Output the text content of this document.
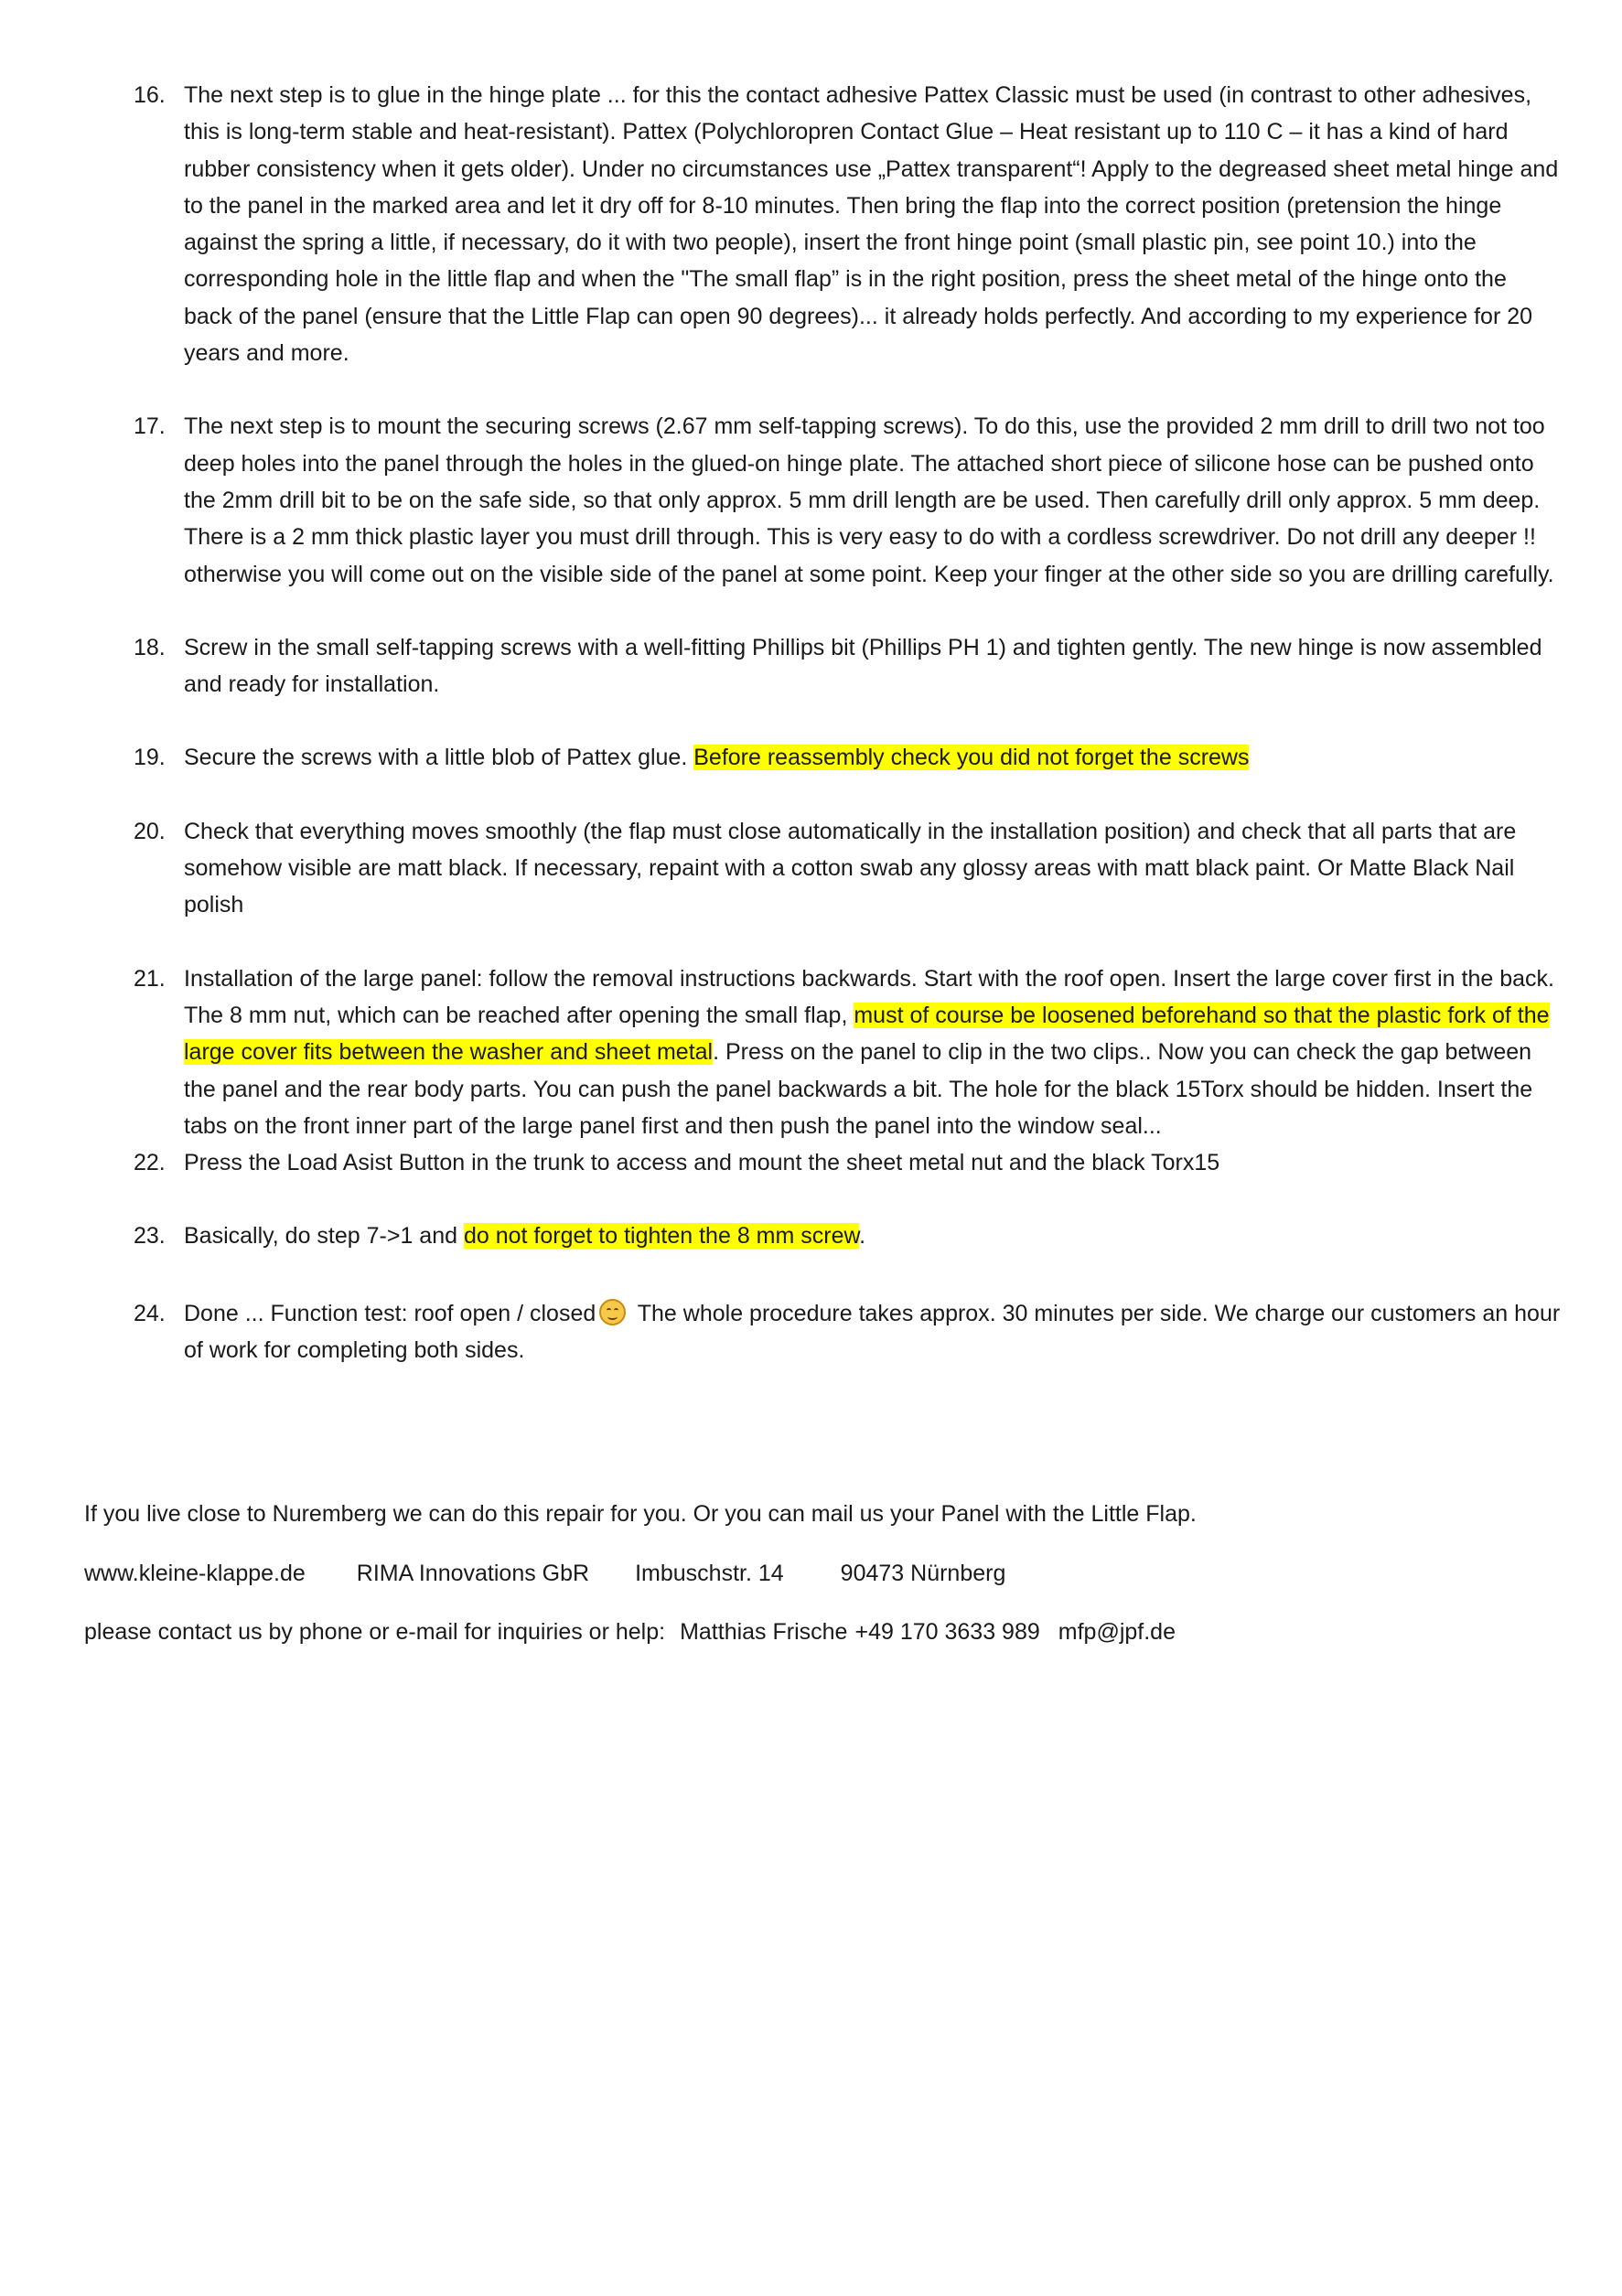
16. The next step is to glue in the hinge plate ... for this the contact adhesive Pattex Classic must be used (in contrast to other adhesives, this is long-term stable and heat-resistant). Pattex (Polychloropren Contact Glue – Heat resistant up to 110 C – it has a kind of hard rubber consistency when it gets older). Under no circumstances use „Pattex transparent“! Apply to the degreased sheet metal hinge and to the panel in the marked area and let it dry off for 8-10 minutes. Then bring the flap into the correct position (pretension the hinge against the spring a little, if necessary, do it with two people), insert the front hinge point (small plastic pin, see point 10.) into the corresponding hole in the little flap and when the "The small flap” is in the right position, press the sheet metal of the hinge onto the back of the panel (ensure that the Little Flap can open 90 degrees)... it already holds perfectly. And according to my experience for 20 years and more.
17. The next step is to mount the securing screws (2.67 mm self-tapping screws). To do this, use the provided 2 mm drill to drill two not too deep holes into the panel through the holes in the glued-on hinge plate. The attached short piece of silicone hose can be pushed onto the 2mm drill bit to be on the safe side, so that only approx. 5 mm drill length are be used. Then carefully drill only approx. 5 mm deep. There is a 2 mm thick plastic layer you must drill through. This is very easy to do with a cordless screwdriver. Do not drill any deeper !! otherwise you will come out on the visible side of the panel at some point. Keep your finger at the other side so you are drilling carefully.
18. Screw in the small self-tapping screws with a well-fitting Phillips bit (Phillips PH 1) and tighten gently. The new hinge is now assembled and ready for installation.
19. Secure the screws with a little blob of Pattex glue. Before reassembly check you did not forget the screws
20. Check that everything moves smoothly (the flap must close automatically in the installation position) and check that all parts that are somehow visible are matt black. If necessary, repaint with a cotton swab any glossy areas with matt black paint. Or Matte Black Nail polish
21. Installation of the large panel: follow the removal instructions backwards. Start with the roof open. Insert the large cover first in the back. The 8 mm nut, which can be reached after opening the small flap, must of course be loosened beforehand so that the plastic fork of the large cover fits between the washer and sheet metal. Press on the panel to clip in the two clips.. Now you can check the gap between the panel and the rear body parts. You can push the panel backwards a bit. The hole for the black 15Torx should be hidden. Insert the tabs on the front inner part of the large panel first and then push the panel into the window seal...
22. Press the Load Asist Button in the trunk to access and mount the sheet metal nut and the black Torx15
23. Basically, do step 7->1 and do not forget to tighten the 8 mm screw.
24. Done ... Function test: roof open / closed
The whole procedure takes approx. 30 minutes per side. We charge our customers an hour of work for completing both sides.
If you live close to Nuremberg we can do this repair for you. Or you can mail us your Panel with the Little Flap.
www.kleine-klappe.de RIMA Innovations GbR Imbuschstr. 14 90473 Nürnberg
please contact us by phone or e-mail for inquiries or help: Matthias Frische +49 170 3633 989 mfp@jpf.de
